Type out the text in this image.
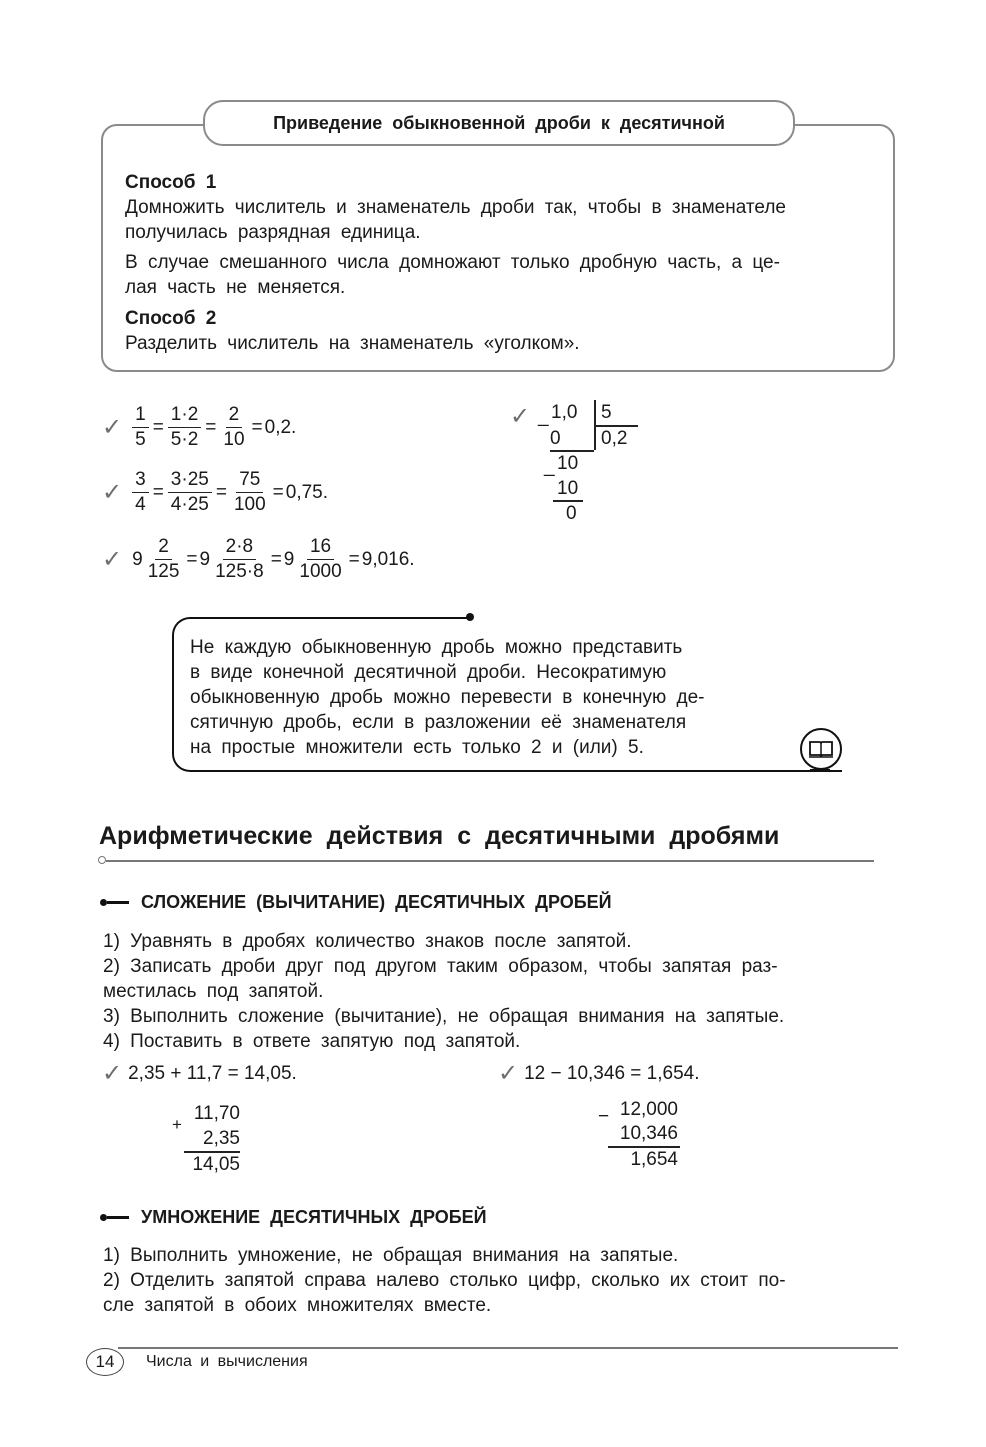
Приведение обыкновенной дроби к десятичной
Способ 1
Домножить числитель и знаменатель дроби так, чтобы в знаменателе
получилась разрядная единица.
В случае смешанного числа домножают только дробную часть, а це-
лая часть не меняется.
Способ 2
Разделить числитель на знаменатель «уголком».
✓ $\frac{1}{5} = \frac{1\cdot 2}{5\cdot 2} = \frac{2}{10} = 0,2$.
✓ $\frac{3}{4} = \frac{3\cdot 25}{4\cdot 25} = \frac{75}{100} = 0,75$.
✓ $9 \frac{2}{125} = 9 \frac{2\cdot 8}{125\cdot 8} = 9 \frac{16}{1000} = 9,016$.
✓ _ 1,0 5
0,2
0
_ 10
10
0
Не каждую обыкновенную дробь можно представить
в виде конечной десятичной дроби. Несократимую
обыкновенную дробь можно перевести в конечную де-
сятичную дробь, если в разложении её знаменателя
на простые множители есть только 2 и (или) 5.
Арифметические действия с десятичными дробями
СЛОЖЕНИЕ (ВЫЧИТАНИЕ) ДЕСЯТИЧНЫХ ДРОБЕЙ
1) Уравнять в дробях количество знаков после запятой.
2) Записать дроби друг под другом таким образом, чтобы запятая раз-
местилась под запятой.
3) Выполнить сложение (вычитание), не обращая внимания на запятые.
4) Поставить в ответе запятую под запятой.
✓ 2,35 + 11,7 = 14,05.	✓ 12 − 10,346 = 1,654.
+
11,70
2,35
14,05
− 12,000
10,346
1,654
УМНОЖЕНИЕ ДЕСЯТИЧНЫХ ДРОБЕЙ
1) Выполнить умножение, не обращая внимания на запятые.
2) Отделить запятой справа налево столько цифр, сколько их стоит по-
сле запятой в обоих множителях вместе.
14	Числа и вычисления
